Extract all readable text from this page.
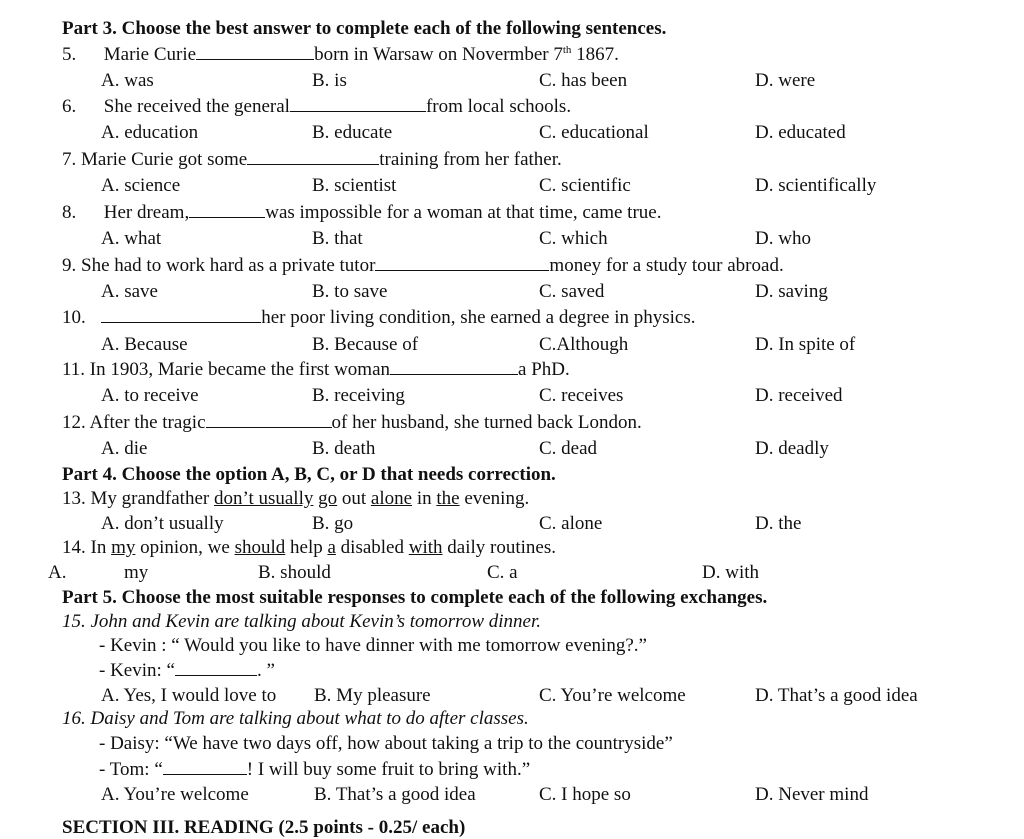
Part 3. Choose the best answer to complete each of the following sentences.
5. Marie Curie	born in Warsaw on Novermber 7th 1867.
A. was	B. is	C. has been	D. were
6. She received the general	from local schools.
A. education	B. educate	C. educational	D. educated
7. Marie Curie got some	training from her father.
A. science	B. scientist	C. scientific	D. scientifically
8. Her dream,	was impossible for a woman at that time, came true.
A. what	B. that	C. which	D. who
9. She had to work hard as a private tutor	money for a study tour abroad.
A. save	B. to save	C. saved	D. saving
10.	her poor living condition, she earned a degree in physics.
A. Because	B. Because of	C.Although	D. In spite of
11. In 1903, Marie became the first woman	a PhD.
A. to receive	B. receiving	C. receives	D. received
12. After the tragic	of her husband, she turned back London.
A. die	B. death	C. dead	D. deadly
Part 4. Choose the option A, B, C, or D that needs correction.
13. My grandfather don’t usually go out alone in the evening.
A. don’t usually	B. go	C. alone	D. the
14. In my opinion, we should help a disabled with daily routines.
A.	my	B. should	C. a	D. with
Part 5. Choose the most suitable responses to complete each of the following exchanges.
15. John and Kevin are talking about Kevin’s tomorrow dinner.
- Kevin : “ Would you like to have dinner with me tomorrow evening?.”
- Kevin: “	. ”
A. Yes, I would love to B. My pleasure	C. You’re welcome	D. That’s a good idea
16. Daisy and Tom are talking about what to do after classes.
- Daisy: “We have two days off, how about taking a trip to the countryside”
- Tom: “	! I will buy some fruit to bring with.”
A. You’re welcome	B. That’s a good idea	C. I hope so	D. Never mind
SECTION III. READING (2.5 points - 0.25/ each)
